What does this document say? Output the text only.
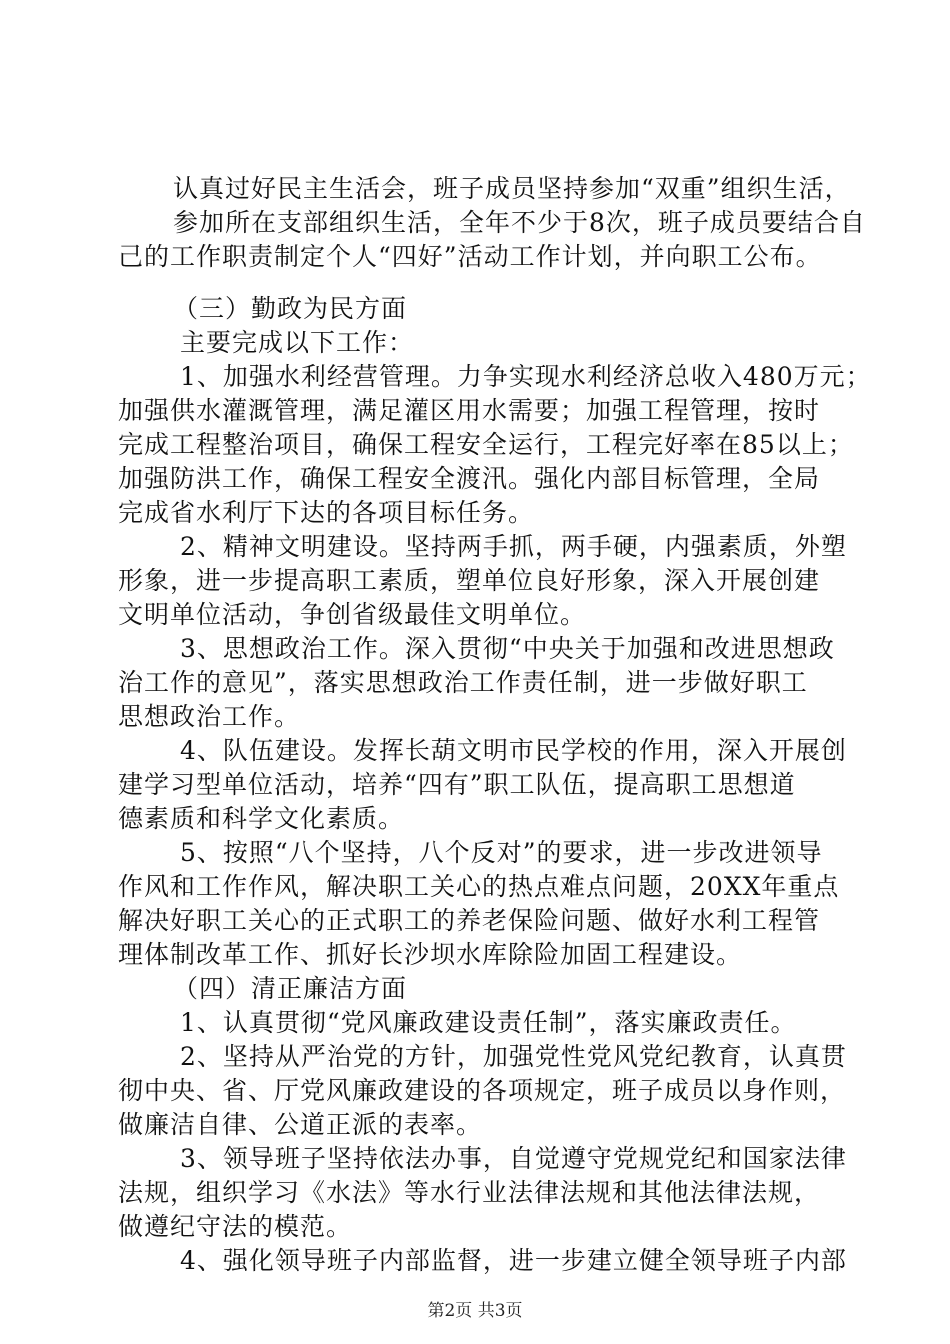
认真过好民主生活会，班子成员坚持参加“双重”组织生活，
参加所在支部组织生活，全年不少于8次，班子成员要结合自
己的工作职责制定个人“四好”活动工作计划，并向职工公布。
（三）勤政为民方面
主要完成以下工作：
1、加强水利经营管理。力争实现水利经济总收入480万元；
加强供水灌溉管理，满足灌区用水需要；加强工程管理，按时
完成工程整治项目，确保工程安全运行，工程完好率在85以上；
加强防洪工作，确保工程安全渡汛。强化内部目标管理，全局
完成省水利厅下达的各项目标任务。
2、精神文明建设。坚持两手抓，两手硬，内强素质，外塑
形象，进一步提高职工素质，塑单位良好形象，深入开展创建
文明单位活动，争创省级最佳文明单位。
3、思想政治工作。深入贯彻“中央关于加强和改进思想政
治工作的意见”，落实思想政治工作责任制，进一步做好职工
思想政治工作。
4、队伍建设。发挥长葫文明市民学校的作用，深入开展创
建学习型单位活动，培养“四有”职工队伍，提高职工思想道
德素质和科学文化素质。
5、按照“八个坚持，八个反对”的要求，进一步改进领导
作风和工作作风，解决职工关心的热点难点问题，20XX年重点
解决好职工关心的正式职工的养老保险问题、做好水利工程管
理体制改革工作、抓好长沙坝水库除险加固工程建设。
（四）清正廉洁方面
1、认真贯彻“党风廉政建设责任制”，落实廉政责任。
2、坚持从严治党的方针，加强党性党风党纪教育，认真贯
彻中央、省、厅党风廉政建设的各项规定，班子成员以身作则，
做廉洁自律、公道正派的表率。
3、领导班子坚持依法办事，自觉遵守党规党纪和国家法律
法规，组织学习《水法》等水行业法律法规和其他法律法规，
做遵纪守法的模范。
4、强化领导班子内部监督，进一步建立健全领导班子内部
第2页 共3页
